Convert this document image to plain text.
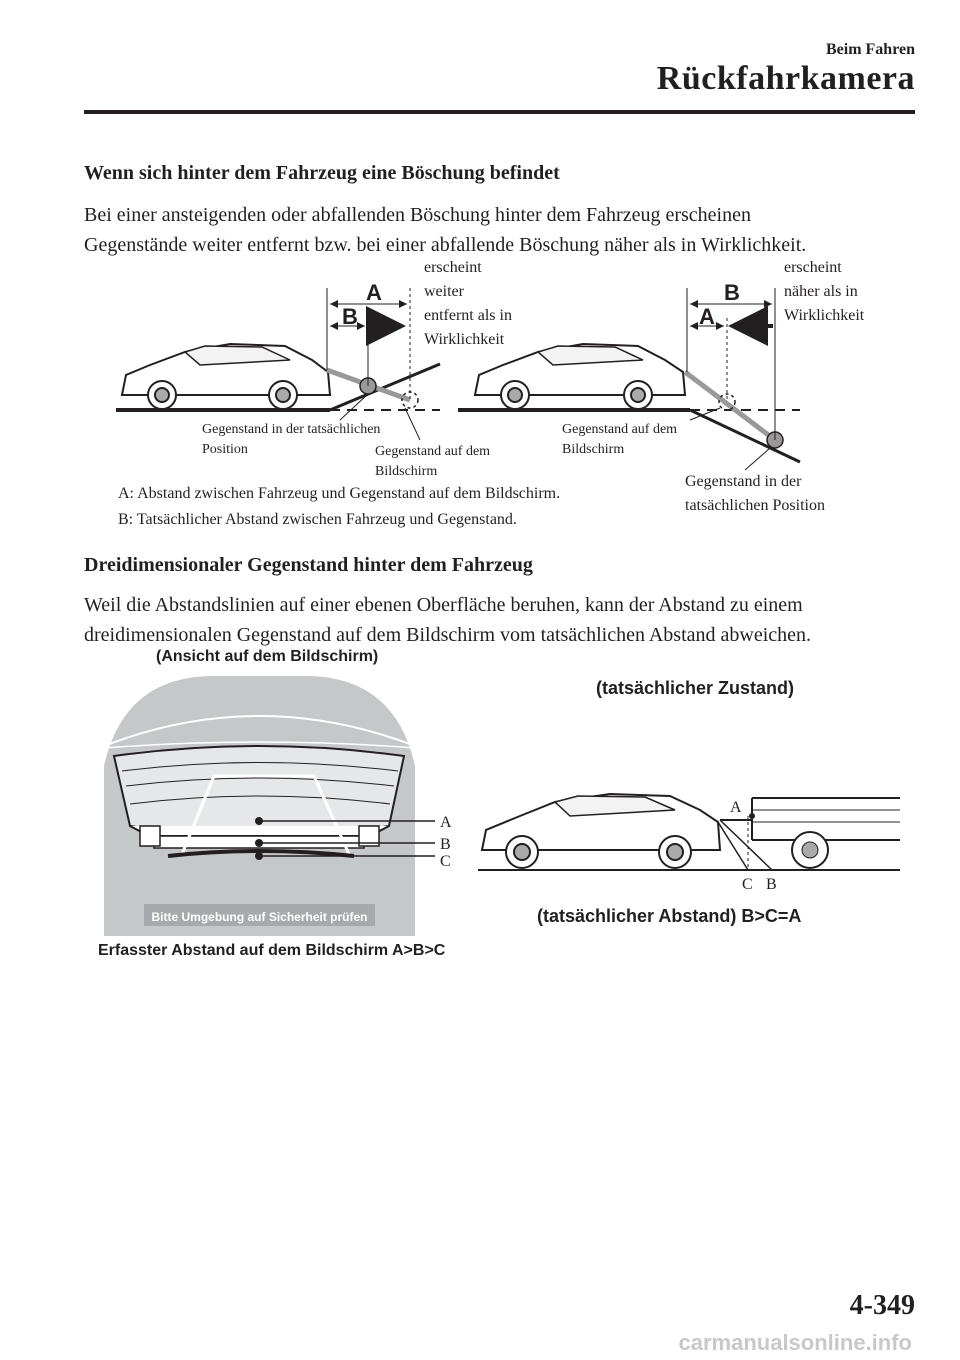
Beim Fahren
Rückfahrkamera
Wenn sich hinter dem Fahrzeug eine Böschung befindet
Bei einer ansteigenden oder abfallenden Böschung hinter dem Fahrzeug erscheinen
Gegenstände weiter entfernt bzw. bei einer abfallende Böschung näher als in Wirklichkeit.
A
B
B
A
erscheint
weiter
entfernt als in
Wirklichkeit
erscheint
näher als in
Wirklichkeit
Gegenstand in der tatsächlichen
Position	Gegenstand auf dem
Bildschirm
Gegenstand auf dem
Bildschirm
Gegenstand in der
tatsächlichen Position
A: Abstand zwischen Fahrzeug und Gegenstand auf dem Bildschirm.
B: Tatsächlicher Abstand zwischen Fahrzeug und Gegenstand.
Dreidimensionaler Gegenstand hinter dem Fahrzeug
Weil die Abstandslinien auf einer ebenen Oberfläche beruhen, kann der Abstand zu einem
dreidimensionalen Gegenstand auf dem Bildschirm vom tatsächlichen Abstand abweichen.
(Ansicht auf dem Bildschirm)
Bitte Umgebung auf Sicherheit prüfen
A
B
C
Erfasster Abstand auf dem Bildschirm A>B>C
(tatsächlicher Zustand)
A
C B
(tatsächlicher Abstand) B>C=A
4-349
carmanualsonline.info
